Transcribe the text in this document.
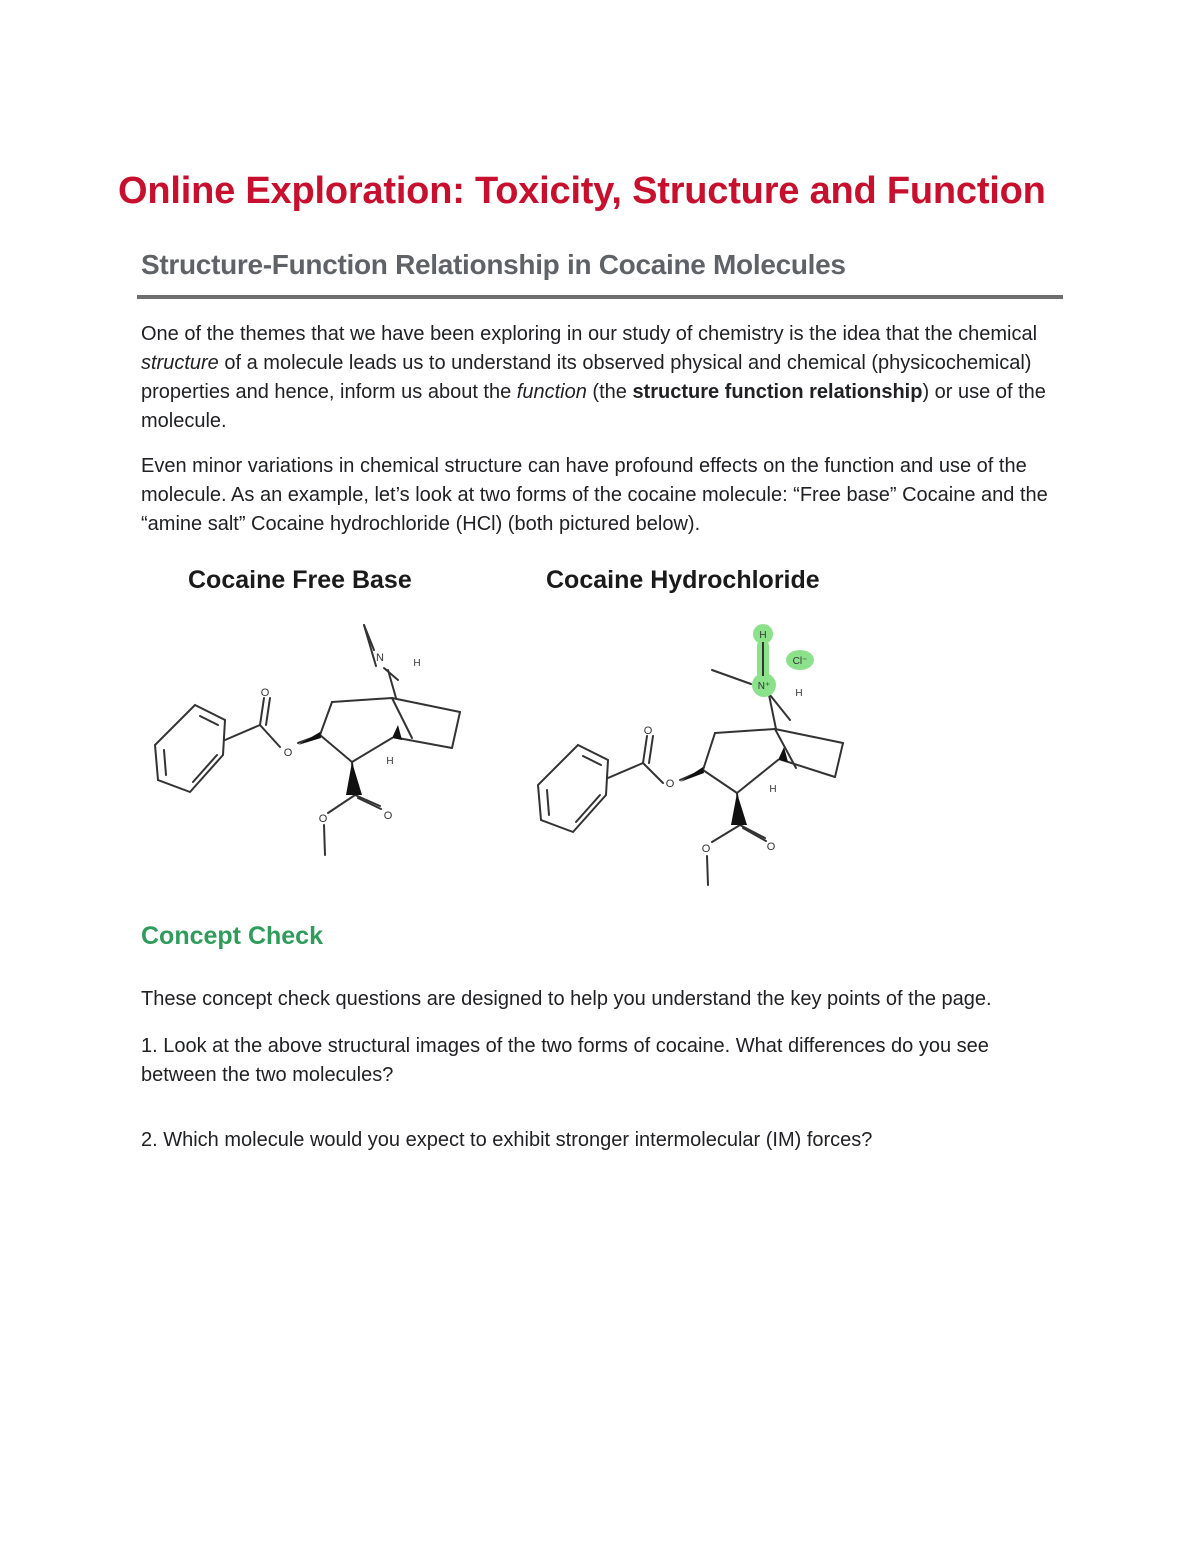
Online Exploration: Toxicity, Structure and Function
Structure-Function Relationship in Cocaine Molecules

One of the themes that we have been exploring in our study of chemistry is the idea that the chemical structure of a molecule leads us to understand its observed physical and chemical (physicochemical) properties and hence, inform us about the function (the structure function relationship) or use of the molecule.

Even minor variations in chemical structure can have profound effects on the function and use of the molecule. As an example, let’s look at two forms of the cocaine molecule: “Free base” Cocaine and the “amine salt” Cocaine hydrochloride (HCl) (both pictured below).

Cocaine Free Base	Cocaine Hydrochloride
N	H
H
O
O
O
O
H
N⁺
Cl⁻
H
H
O
O
O
O
Concept Check

These concept check questions are designed to help you understand the key points of the page.

1. Look at the above structural images of the two forms of cocaine. What differences do you see between the two molecules?

2. Which molecule would you expect to exhibit stronger intermolecular (IM) forces?
